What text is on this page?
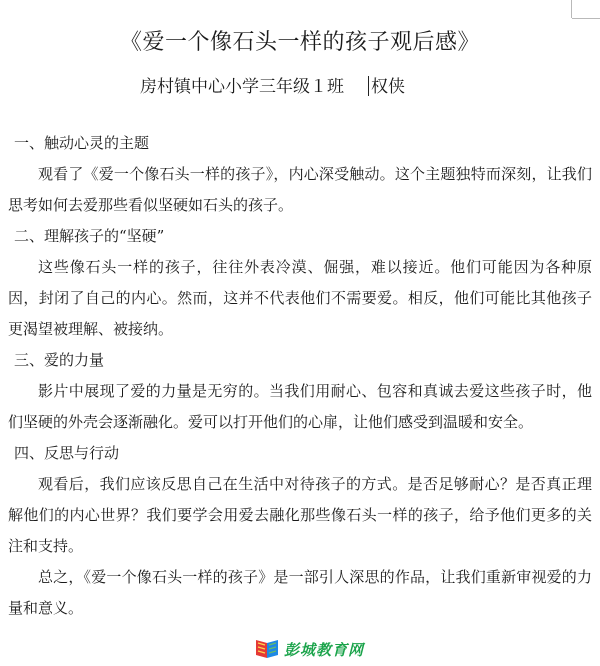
《爱一个像石头一样的孩子观后感》
房村镇中心小学三年级１班 权侠

一、触动心灵的主题

观看了《爱一个像石头一样的孩子》，内心深受触动。这个主题独特而深刻，让我们思考如何去爱那些看似坚硬如石头的孩子。

二、理解孩子的“坚硬”

这些像石头一样的孩子，往往外表冷漠、倔强，难以接近。他们可能因为各种原因，封闭了自己的内心。然而，这并不代表他们不需要爱。相反，他们可能比其他孩子更渴望被理解、被接纳。

三、爱的力量

影片中展现了爱的力量是无穷的。当我们用耐心、包容和真诚去爱这些孩子时，他们坚硬的外壳会逐渐融化。爱可以打开他们的心扉，让他们感受到温暖和安全。

四、反思与行动

观看后，我们应该反思自己在生活中对待孩子的方式。是否足够耐心？是否真正理解他们的内心世界？我们要学会用爱去融化那些像石头一样的孩子，给予他们更多的关注和支持。

总之，《爱一个像石头一样的孩子》是一部引人深思的作品，让我们重新审视爱的力量和意义。

彭城教育网
